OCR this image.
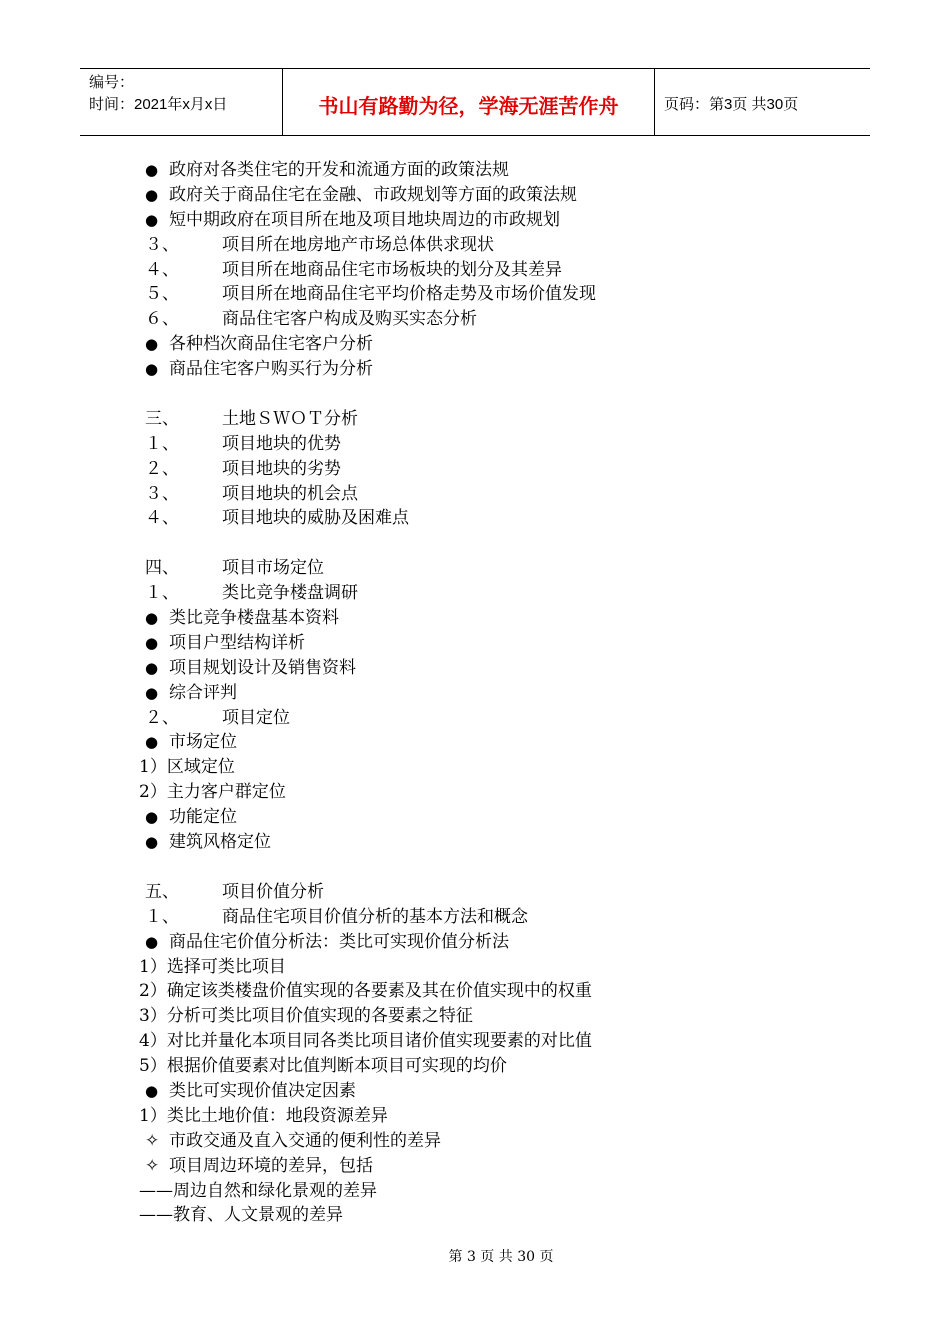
编号：
时间：2021年x月x日	书山有路勤为径，学海无涯苦作舟	页码：第3页 共30页
● 政府对各类住宅的开发和流通方面的政策法规
● 政府关于商品住宅在金融、市政规划等方面的政策法规
● 短中期政府在项目所在地及项目地块周边的市政规划
３、	项目所在地房地产市场总体供求现状
４、	项目所在地商品住宅市场板块的划分及其差异
５、	项目所在地商品住宅平均价格走势及市场价值发现
６、	商品住宅客户构成及购买实态分析
● 各种档次商品住宅客户分析
● 商品住宅客户购买行为分析
三、	土地ＳＷＯＴ分析
１、	项目地块的优势
２、	项目地块的劣势
３、	项目地块的机会点
４、	项目地块的威胁及困难点
四、	项目市场定位
１、	类比竞争楼盘调研
● 类比竞争楼盘基本资料
● 项目户型结构详析
● 项目规划设计及销售资料
● 综合评判
２、	项目定位
● 市场定位
1）区域定位
2）主力客户群定位
● 功能定位
● 建筑风格定位
五、	项目价值分析
１、	商品住宅项目价值分析的基本方法和概念
● 商品住宅价值分析法：类比可实现价值分析法
1）选择可类比项目
2）确定该类楼盘价值实现的各要素及其在价值实现中的权重
3）分析可类比项目价值实现的各要素之特征
4）对比并量化本项目同各类比项目诸价值实现要素的对比值
5）根据价值要素对比值判断本项目可实现的均价
● 类比可实现价值决定因素
1）类比土地价值：地段资源差异
✧ 市政交通及直入交通的便利性的差异
✧ 项目周边环境的差异，包括
——周边自然和绿化景观的差异
——教育、人文景观的差异
第 3 页 共 30 页
